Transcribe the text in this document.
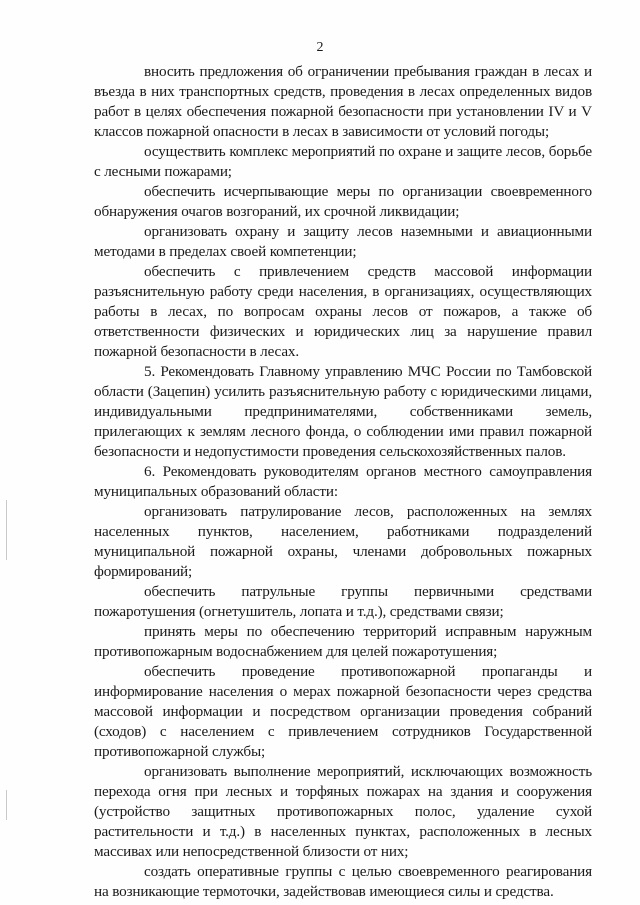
2

вносить предложения об ограничении пребывания граждан в лесах и въезда в них транспортных средств, проведения в лесах определенных видов работ в целях обеспечения пожарной безопасности при установлении IV и V классов пожарной опасности в лесах в зависимости от условий погоды;

осуществить комплекс мероприятий по охране и защите лесов, борьбе с лесными пожарами;

обеспечить исчерпывающие меры по организации своевременного обнаружения очагов возгораний, их срочной ликвидации;

организовать охрану и защиту лесов наземными и авиационными методами в пределах своей компетенции;

обеспечить с привлечением средств массовой информации разъяснительную работу среди населения, в организациях, осуществляющих работы в лесах, по вопросам охраны лесов от пожаров, а также об ответственности физических и юридических лиц за нарушение правил пожарной безопасности в лесах.

5. Рекомендовать Главному управлению МЧС России по Тамбовской области (Зацепин) усилить разъяснительную работу с юридическими лицами, индивидуальными предпринимателями, собственниками земель, прилегающих к землям лесного фонда, о соблюдении ими правил пожарной безопасности и недопустимости проведения сельскохозяйственных палов.

6. Рекомендовать руководителям органов местного самоуправления муниципальных образований области:

организовать патрулирование лесов, расположенных на землях населенных пунктов, населением, работниками подразделений муниципальной пожарной охраны, членами добровольных пожарных формирований;

обеспечить патрульные группы первичными средствами пожаротушения (огнетушитель, лопата и т.д.), средствами связи;

принять меры по обеспечению территорий исправным наружным противопожарным водоснабжением для целей пожаротушения;

обеспечить проведение противопожарной пропаганды и информирование населения о мерах пожарной безопасности через средства массовой информации и посредством организации проведения собраний (сходов) с населением с привлечением сотрудников Государственной противопожарной службы;

организовать выполнение мероприятий, исключающих возможность перехода огня при лесных и торфяных пожарах на здания и сооружения (устройство защитных противопожарных полос, удаление сухой растительности и т.д.) в населенных пунктах, расположенных в лесных массивах или непосредственной близости от них;

создать оперативные группы с целью своевременного реагирования на возникающие термоточки, задействовав имеющиеся силы и средства.
